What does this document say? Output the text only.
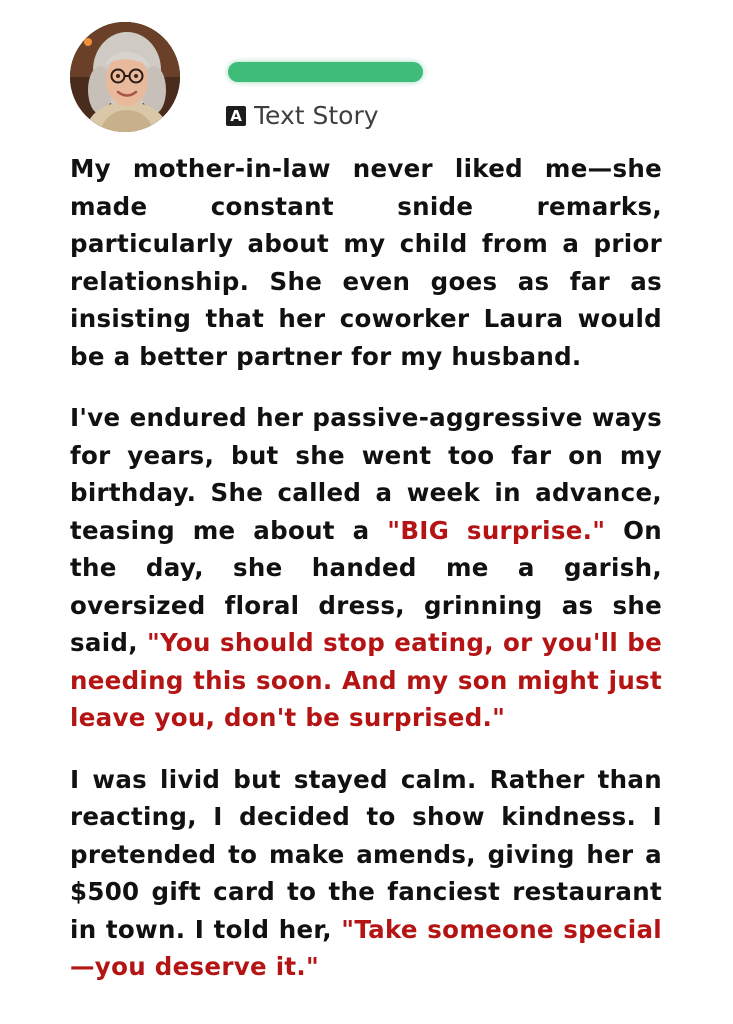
A Text Story

My mother-in-law never liked me—she made constant snide remarks, particularly about my child from a prior relationship. She even goes as far as insisting that her coworker Laura would be a better partner for my husband.

I've endured her passive-aggressive ways for years, but she went too far on my birthday. She called a week in advance, teasing me about a "BIG surprise." On the day, she handed me a garish, oversized floral dress, grinning as she said, "You should stop eating, or you'll be needing this soon. And my son might just leave you, don't be surprised."

I was livid but stayed calm. Rather than reacting, I decided to show kindness. I pretended to make amends, giving her a $500 gift card to the fanciest restaurant in town. I told her, "Take someone special—you deserve it."
